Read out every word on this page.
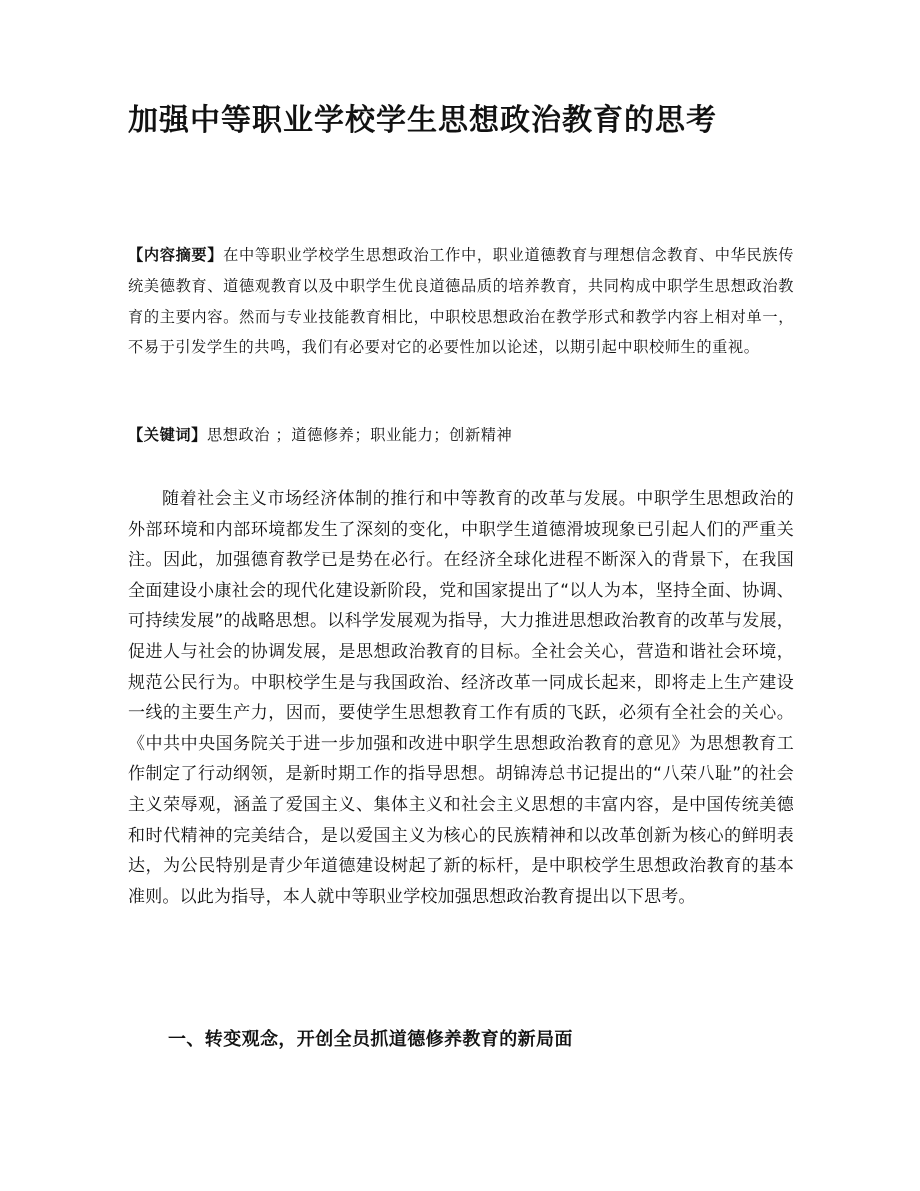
加强中等职业学校学生思想政治教育的思考

【内容摘要】在中等职业学校学生思想政治工作中，职业道德教育与理想信念教育、中华民族传统美德教育、道德观教育以及中职学生优良道德品质的培养教育，共同构成中职学生思想政治教育的主要内容。然而与专业技能教育相比，中职校思想政治在教学形式和教学内容上相对单一，不易于引发学生的共鸣，我们有必要对它的必要性加以论述，以期引起中职校师生的重视。

【关键词】思想政治 ；道德修养；职业能力；创新精神

随着社会主义市场经济体制的推行和中等教育的改革与发展。中职学生思想政治的外部环境和内部环境都发生了深刻的变化，中职学生道德滑坡现象已引起人们的严重关注。因此，加强德育教学已是势在必行。在经济全球化进程不断深入的背景下，在我国全面建设小康社会的现代化建设新阶段，党和国家提出了“以人为本，坚持全面、协调、可持续发展”的战略思想。以科学发展观为指导，大力推进思想政治教育的改革与发展，促进人与社会的协调发展，是思想政治教育的目标。全社会关心，营造和谐社会环境，规范公民行为。中职校学生是与我国政治、经济改革一同成长起来，即将走上生产建设一线的主要生产力，因而，要使学生思想教育工作有质的飞跃，必须有全社会的关心。《中共中央国务院关于进一步加强和改进中职学生思想政治教育的意见》为思想教育工作制定了行动纲领，是新时期工作的指导思想。胡锦涛总书记提出的“八荣八耻”的社会主义荣辱观，涵盖了爱国主义、集体主义和社会主义思想的丰富内容，是中国传统美德和时代精神的完美结合，是以爱国主义为核心的民族精神和以改革创新为核心的鲜明表达，为公民特别是青少年道德建设树起了新的标杆，是中职校学生思想政治教育的基本准则。以此为指导，本人就中等职业学校加强思想政治教育提出以下思考。

一、转变观念，开创全员抓道德修养教育的新局面
